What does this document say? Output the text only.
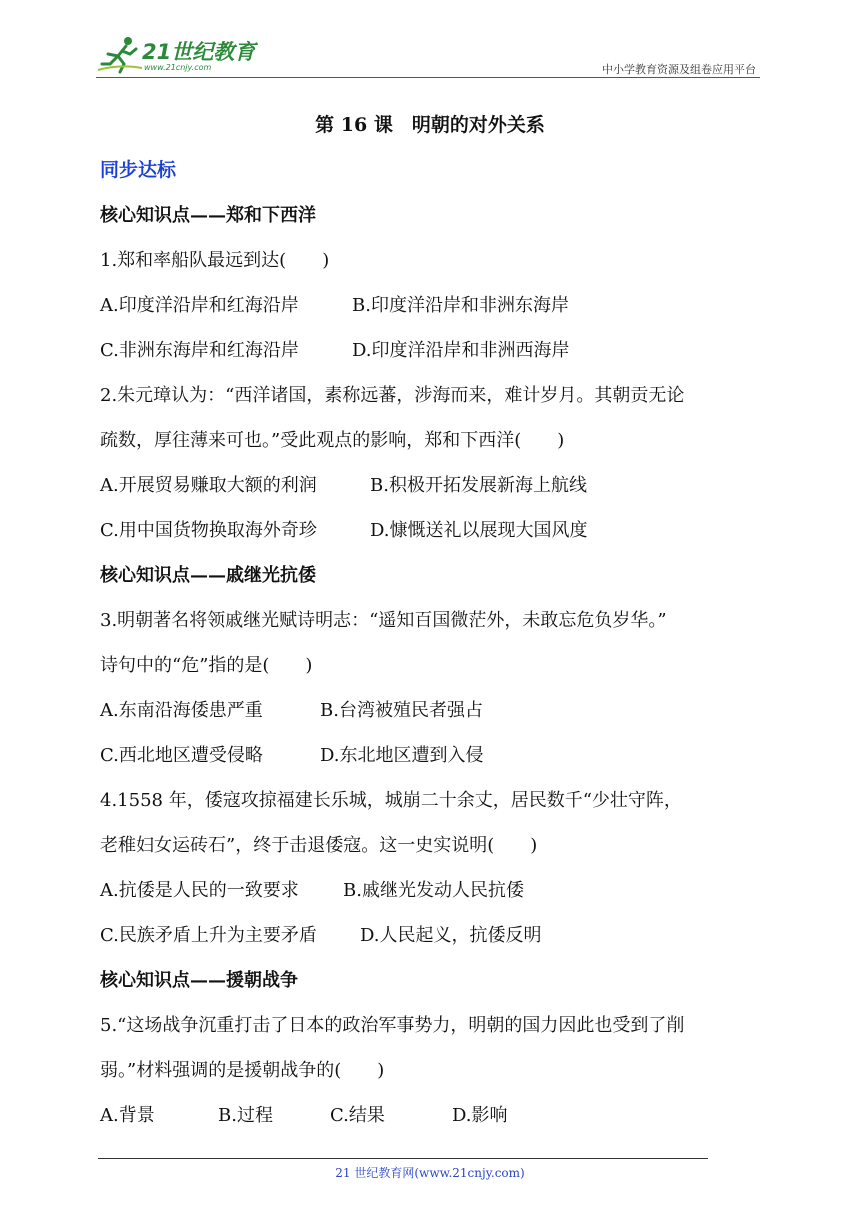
21世纪教育
www.21cnjy.com	中小学教育资源及组卷应用平台
第 16 课　明朝的对外关系
同步达标
核心知识点——郑和下西洋
1.郑和率船队最远到达(　　)
A.印度洋沿岸和红海沿岸	B.印度洋沿岸和非洲东海岸
C.非洲东海岸和红海沿岸	D.印度洋沿岸和非洲西海岸
2.朱元璋认为：“西洋诸国，素称远蕃，涉海而来，难计岁月。其朝贡无论
疏数，厚往薄来可也。”受此观点的影响，郑和下西洋(　　)
A.开展贸易赚取大额的利润	B.积极开拓发展新海上航线
C.用中国货物换取海外奇珍	D.慷慨送礼以展现大国风度
核心知识点——戚继光抗倭
3.明朝著名将领戚继光赋诗明志：“遥知百国微茫外，未敢忘危负岁华。”
诗句中的“危”指的是(　　)
A.东南沿海倭患严重	B.台湾被殖民者强占
C.西北地区遭受侵略	D.东北地区遭到入侵
4.1558 年，倭寇攻掠福建长乐城，城崩二十余丈，居民数千“少壮守阵，
老稚妇女运砖石”，终于击退倭寇。这一史实说明(　　)
A.抗倭是人民的一致要求 B.戚继光发动人民抗倭
C.民族矛盾上升为主要矛盾 D.人民起义，抗倭反明
核心知识点——援朝战争
5.“这场战争沉重打击了日本的政治军事势力，明朝的国力因此也受到了削
弱。”材料强调的是援朝战争的(　　)
A.背景	B.过程	C.结果	D.影响
21 世纪教育网(www.21cnjy.com)
